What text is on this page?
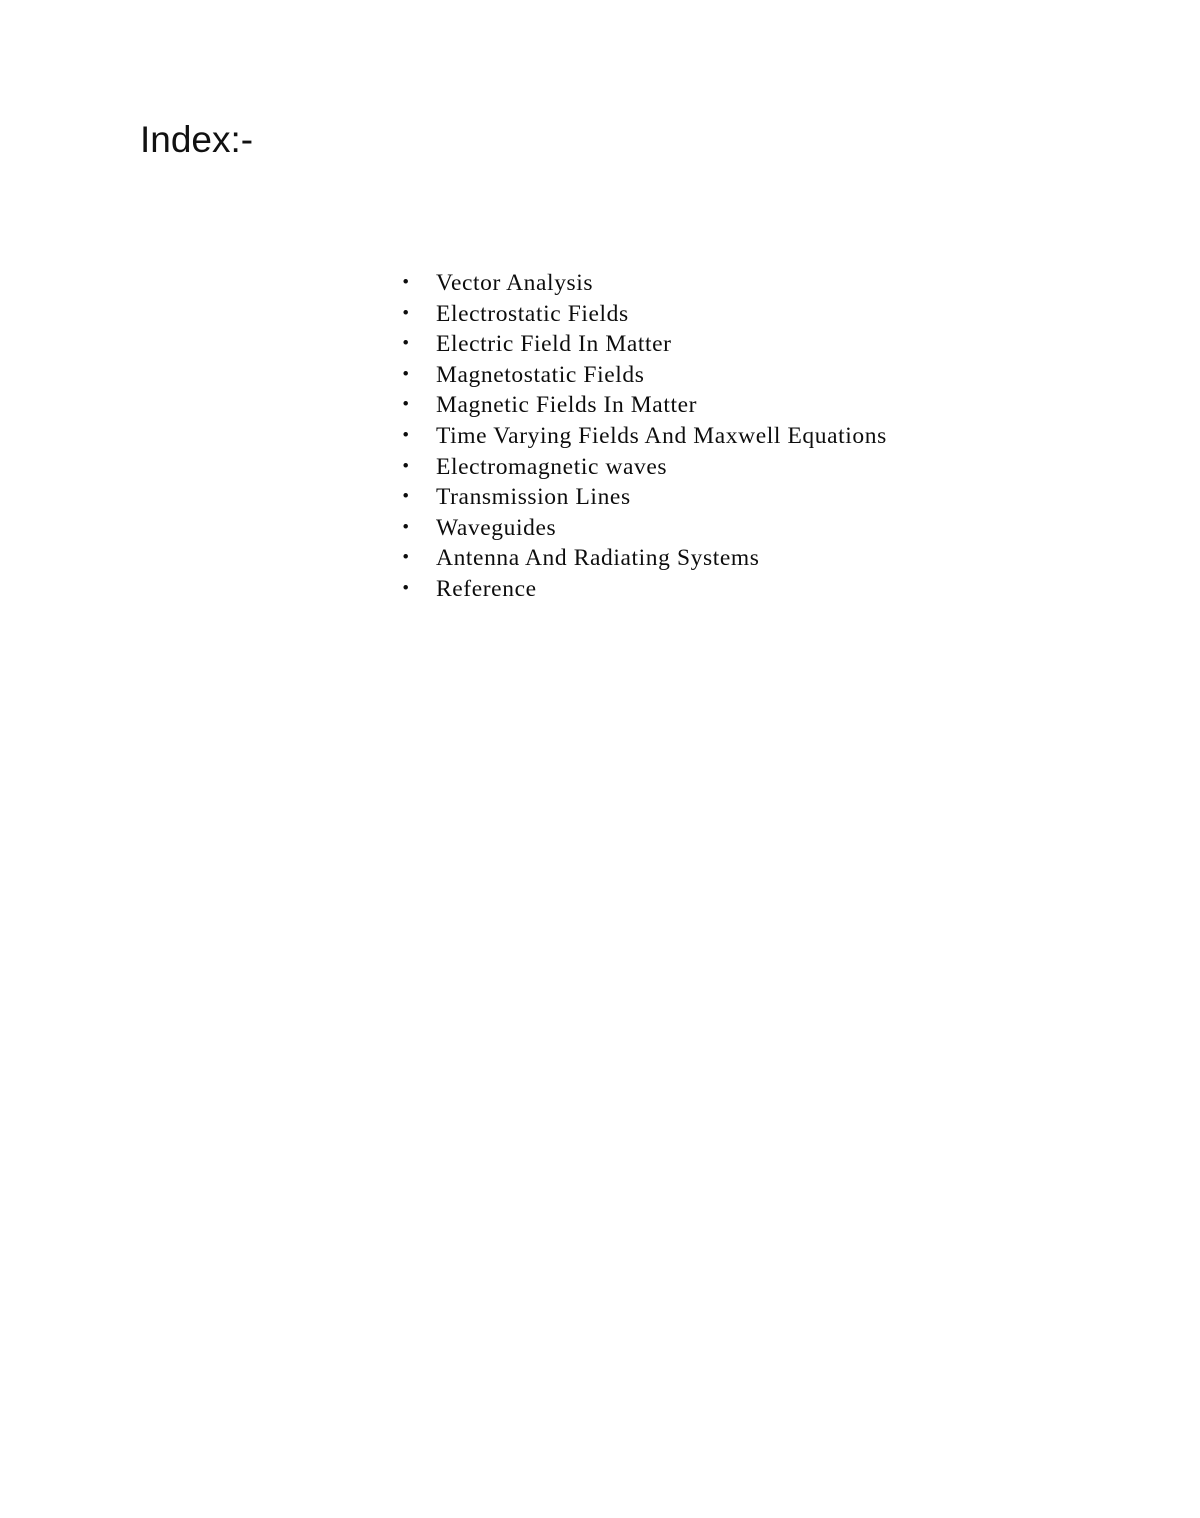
Index:-
• Vector Analysis
• Electrostatic Fields
• Electric Field In Matter
• Magnetostatic Fields
• Magnetic Fields In Matter
• Time Varying Fields And Maxwell Equations
• Electromagnetic waves
• Transmission Lines
• Waveguides
• Antenna And Radiating Systems
• Reference
